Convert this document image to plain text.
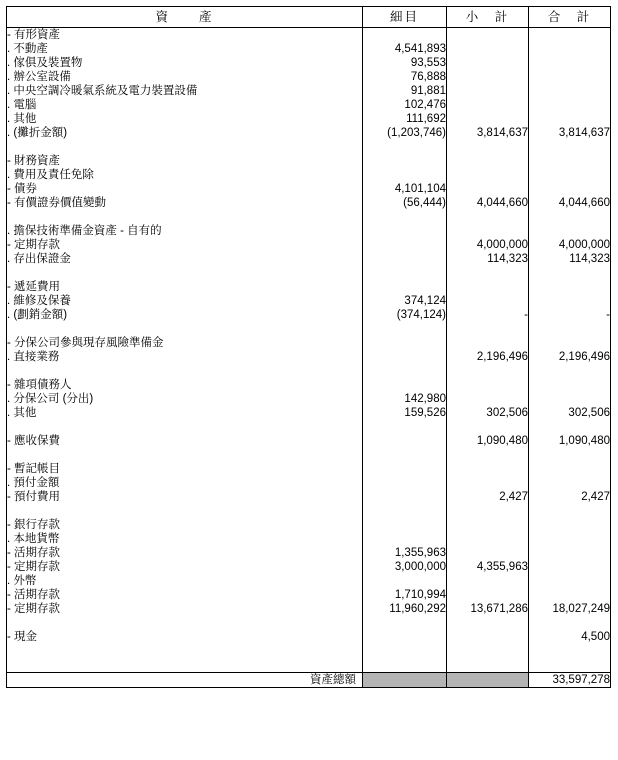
資　　產	細目	小　計	合　計
- 有形資產			
. 不動產	4,541,893		
. 傢俱及裝置物	93,553		
. 辦公室設備	76,888		
. 中央空調冷暖氣系統及電力裝置設備	91,881		
. 電腦	102,476		
. 其他	111,692		
. (攤折金額)	(1,203,746)	3,814,637	3,814,637

- 財務資產			
. 費用及責任免除			
- 債券	4,101,104		
- 有價證券價值變動	(56,444)	4,044,660	4,044,660

. 擔保技術準備金資產 - 自有的			
- 定期存款		4,000,000	4,000,000
. 存出保證金		114,323	114,323

- 遞延費用			
. 維修及保養	374,124		
. (劃銷金額)	(374,124)	-	-

- 分保公司參與現存風險準備金			
. 直接業務		2,196,496	2,196,496

- 雜項債務人			
. 分保公司 (分出)	142,980		
. 其他	159,526	302,506	302,506

- 應收保費		1,090,480	1,090,480

- 暫記帳目			
. 預付金額			
- 預付費用		2,427	2,427

- 銀行存款			
. 本地貨幣			
- 活期存款	1,355,963		
- 定期存款	3,000,000	4,355,963	
. 外幣			
- 活期存款	1,710,994		
- 定期存款	11,960,292	13,671,286	18,027,249

- 現金			4,500

資產總額			33,597,278
